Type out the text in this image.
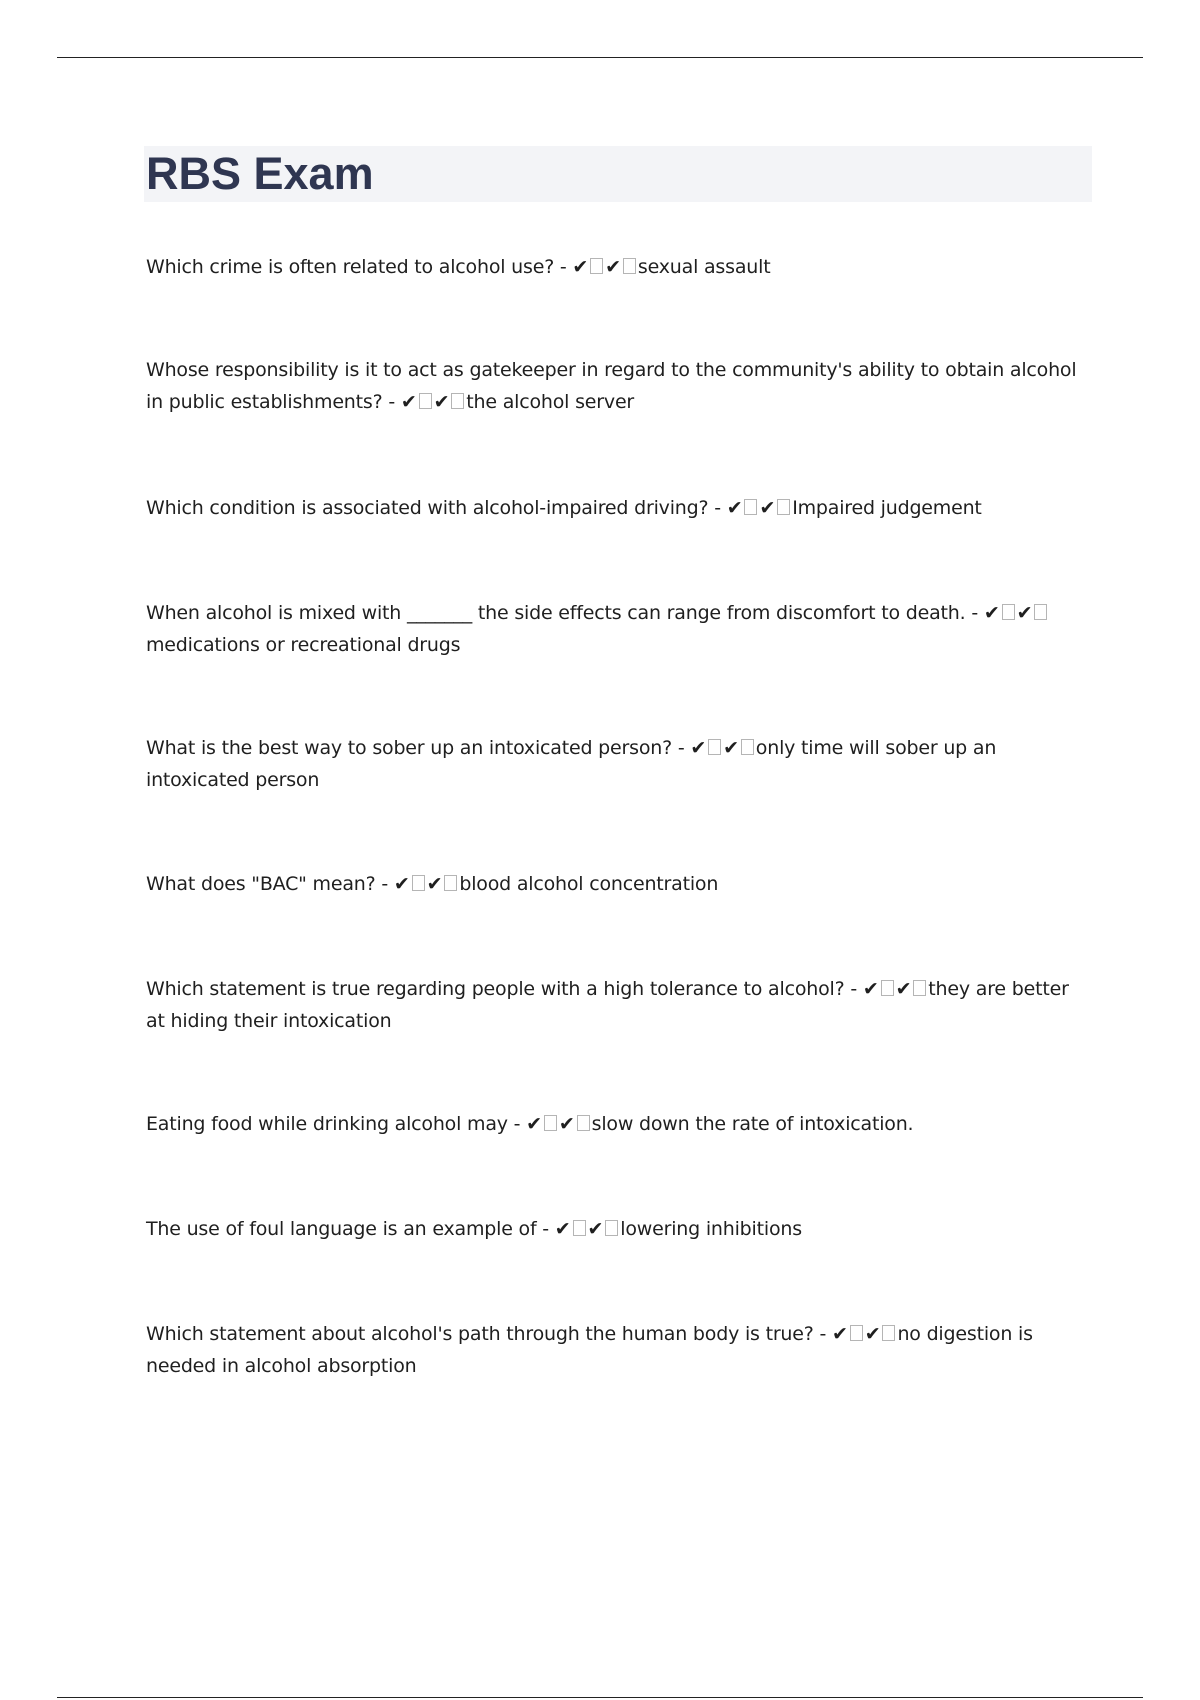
RBS Exam

Which crime is often related to alcohol use? - ✔ ✔ sexual assault

Whose responsibility is it to act as gatekeeper in regard to the community's ability to obtain alcohol in public establishments? - ✔ ✔ the alcohol server

Which condition is associated with alcohol-impaired driving? - ✔ ✔ Impaired judgement

When alcohol is mixed with _______ the side effects can range from discomfort to death. - ✔ ✔medications or recreational drugs

What is the best way to sober up an intoxicated person? - ✔ ✔ only time will sober up an intoxicated person

What does "BAC" mean? - ✔ ✔ blood alcohol concentration

Which statement is true regarding people with a high tolerance to alcohol? - ✔ ✔ they are better at hiding their intoxication

Eating food while drinking alcohol may - ✔ ✔ slow down the rate of intoxication.

The use of foul language is an example of - ✔ ✔ lowering inhibitions

Which statement about alcohol's path through the human body is true? - ✔ ✔ no digestion is needed in alcohol absorption
